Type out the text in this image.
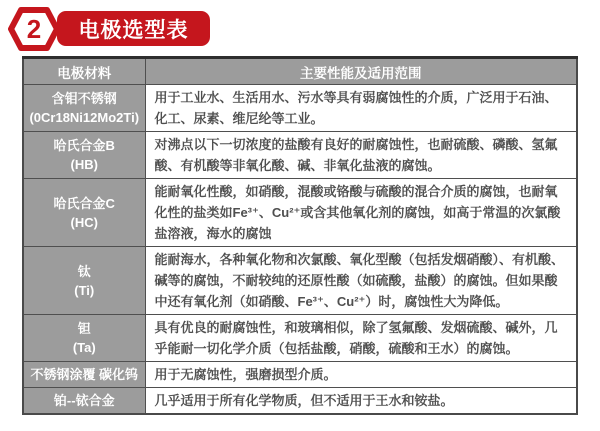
2 电极选型表
电极材料	主要性能及适用范围

含钼不锈钢
(0Cr18Ni12Mo2Ti)	用于工业水、生活用水、污水等具有弱腐蚀性的介质，广泛用于石油、化工、尿素、维尼纶等工业。

哈氏合金B
(HB)	对沸点以下一切浓度的盐酸有良好的耐腐蚀性，也耐硫酸、磷酸、氢氟酸、有机酸等非氧化酸、碱、非氧化盐液的腐蚀。

哈氏合金C
(HC)	能耐氧化性酸，如硝酸，混酸或铬酸与硫酸的混合介质的腐蚀，也耐氧化性的盐类如Fe³⁺、Cu²⁺或含其他氧化剂的腐蚀，如高于常温的次氯酸盐溶液，海水的腐蚀

钛
(Ti)	能耐海水，各种氧化物和次氯酸、氧化型酸（包括发烟硝酸）、有机酸、碱等的腐蚀，不耐较纯的还原性酸（如硫酸，盐酸）的腐蚀。但如果酸中还有氧化剂（如硝酸、Fe³⁺、Cu²⁺）时，腐蚀性大为降低。

钽
(Ta)	具有优良的耐腐蚀性，和玻璃相似，除了氢氟酸、发烟硫酸、碱外，几乎能耐一切化学介质（包括盐酸，硝酸，硫酸和王水）的腐蚀。

不锈钢涂覆 碳化钨	用于无腐蚀性，强磨损型介质。

铂--铱合金	几乎适用于所有化学物质，但不适用于王水和铵盐。
